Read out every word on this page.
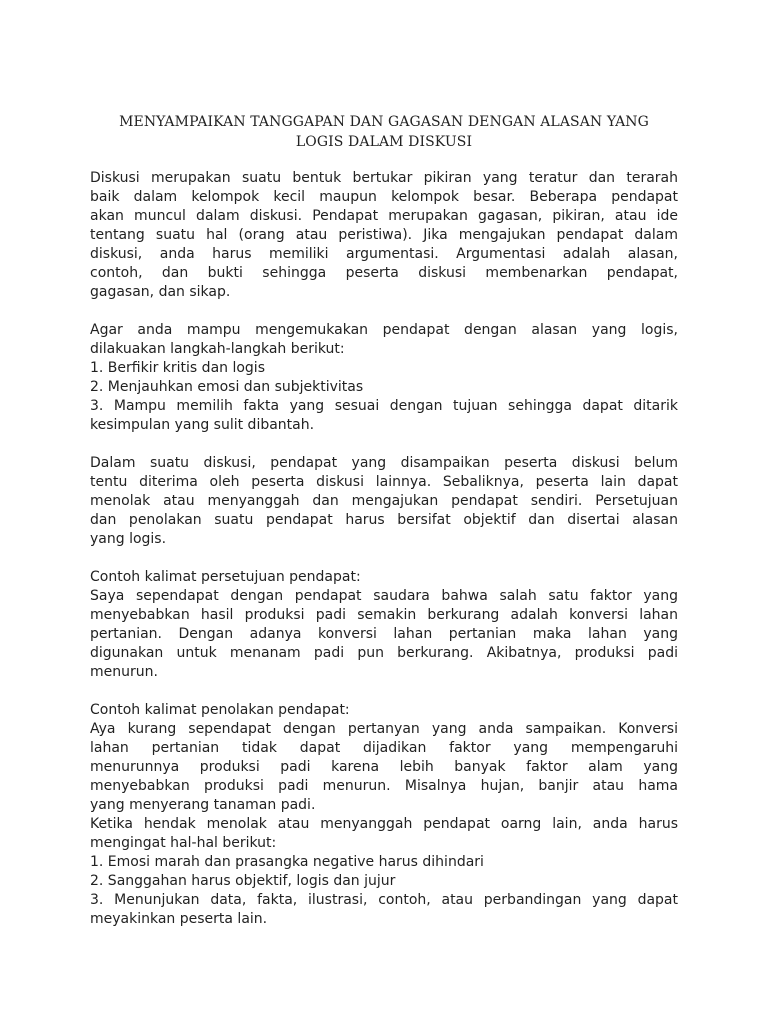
MENYAMPAIKAN TANGGAPAN DAN GAGASAN DENGAN ALASAN YANG
LOGIS DALAM DISKUSI

Diskusi merupakan suatu bentuk bertukar pikiran yang teratur dan terarah
baik dalam kelompok kecil maupun kelompok besar. Beberapa pendapat
akan muncul dalam diskusi. Pendapat merupakan gagasan, pikiran, atau ide
tentang suatu hal (orang atau peristiwa). Jika mengajukan pendapat dalam
diskusi, anda harus memiliki argumentasi. Argumentasi adalah alasan,
contoh, dan bukti sehingga peserta diskusi membenarkan pendapat,
gagasan, dan sikap.

Agar anda mampu mengemukakan pendapat dengan alasan yang logis,
dilakuakan langkah-langkah berikut:
1. Berfikir kritis dan logis
2. Menjauhkan emosi dan subjektivitas
3. Mampu memilih fakta yang sesuai dengan tujuan sehingga dapat ditarik
kesimpulan yang sulit dibantah.

Dalam suatu diskusi, pendapat yang disampaikan peserta diskusi belum
tentu diterima oleh peserta diskusi lainnya. Sebaliknya, peserta lain dapat
menolak atau menyanggah dan mengajukan pendapat sendiri. Persetujuan
dan penolakan suatu pendapat harus bersifat objektif dan disertai alasan
yang logis.

Contoh kalimat persetujuan pendapat:
Saya sependapat dengan pendapat saudara bahwa salah satu faktor yang
menyebabkan hasil produksi padi semakin berkurang adalah konversi lahan
pertanian. Dengan adanya konversi lahan pertanian maka lahan yang
digunakan untuk menanam padi pun berkurang. Akibatnya, produksi padi
menurun.

Contoh kalimat penolakan pendapat:
Aya kurang sependapat dengan pertanyan yang anda sampaikan. Konversi
lahan pertanian tidak dapat dijadikan faktor yang mempengaruhi
menurunnya produksi padi karena lebih banyak faktor alam yang
menyebabkan produksi padi menurun. Misalnya hujan, banjir atau hama
yang menyerang tanaman padi.
Ketika hendak menolak atau menyanggah pendapat oarng lain, anda harus
mengingat hal-hal berikut:
1. Emosi marah dan prasangka negative harus dihindari
2. Sanggahan harus objektif, logis dan jujur
3. Menunjukan data, fakta, ilustrasi, contoh, atau perbandingan yang dapat
meyakinkan peserta lain.
